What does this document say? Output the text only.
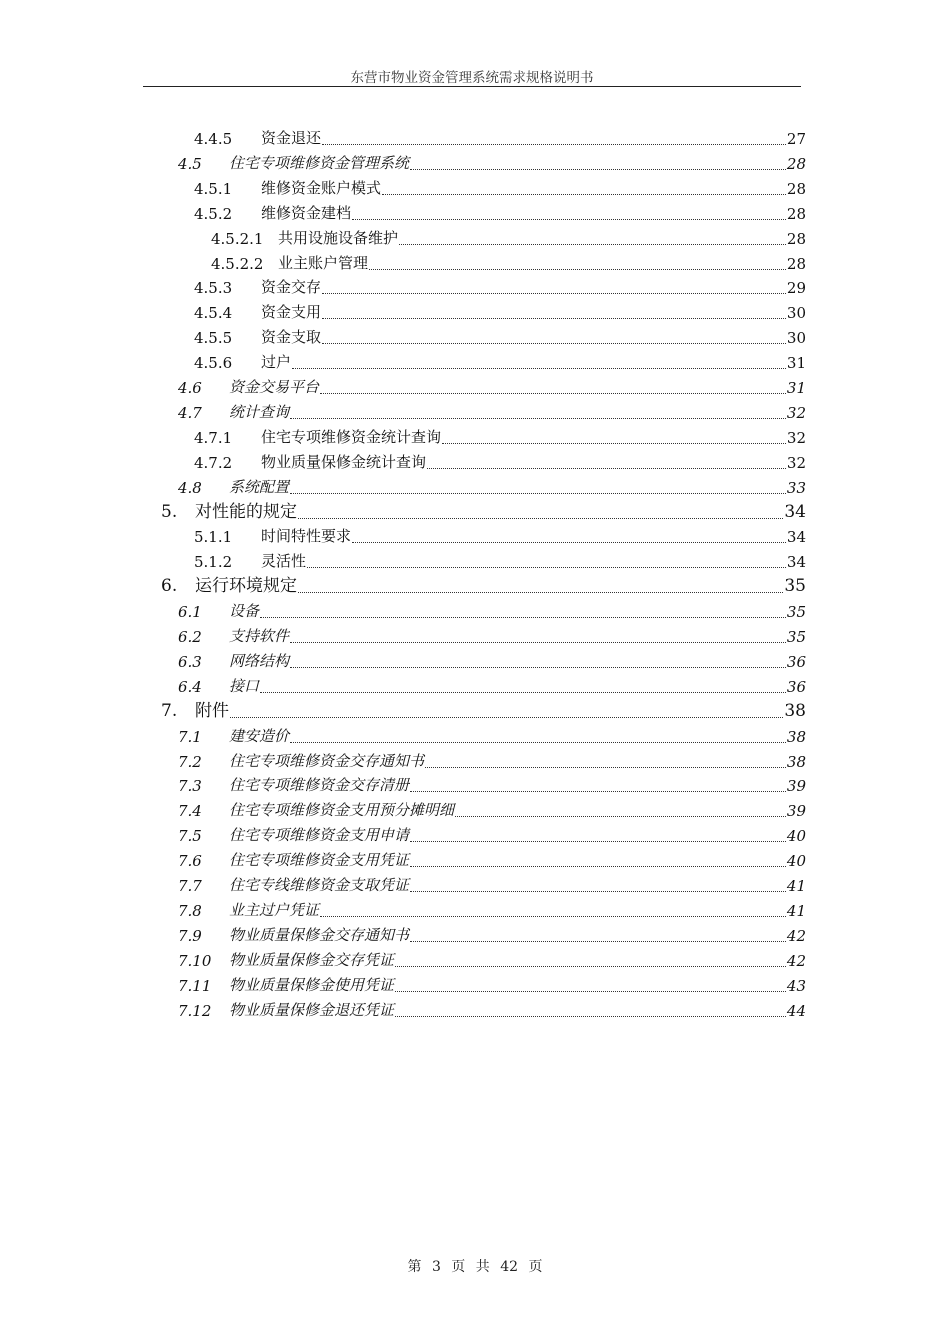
东营市物业资金管理系统需求规格说明书
4.4.5	资金退还	27
4.5	住宅专项维修资金管理系统	28
4.5.1	维修资金账户模式	28
4.5.2	维修资金建档	28
4.5.2.1 共用设施设备维护	28
4.5.2.2 业主账户管理	28
4.5.3	资金交存	29
4.5.4	资金支用	30
4.5.5	资金支取	30
4.5.6	过户	31
4.6	资金交易平台	31
4.7	统计查询	32
4.7.1	住宅专项维修资金统计查询	32
4.7.2	物业质量保修金统计查询	32
4.8	系统配置	33
5.	对性能的规定	34
5.1.1	时间特性要求	34
5.1.2	灵活性	34
6.	运行环境规定	35
6.1	设备	35
6.2	支持软件	35
6.3	网络结构	36
6.4	接口	36
7.	附件	38
7.1	建安造价	38
7.2	住宅专项维修资金交存通知书	38
7.3	住宅专项维修资金交存清册	39
7.4	住宅专项维修资金支用预分摊明细	39
7.5	住宅专项维修资金支用申请	40
7.6	住宅专项维修资金支用凭证	40
7.7	住宅专线维修资金支取凭证	41
7.8	业主过户凭证	41
7.9	物业质量保修金交存通知书	42
7.10	物业质量保修金交存凭证	42
7.11	物业质量保修金使用凭证	43
7.12	物业质量保修金退还凭证	44
第 3 页 共 42 页
